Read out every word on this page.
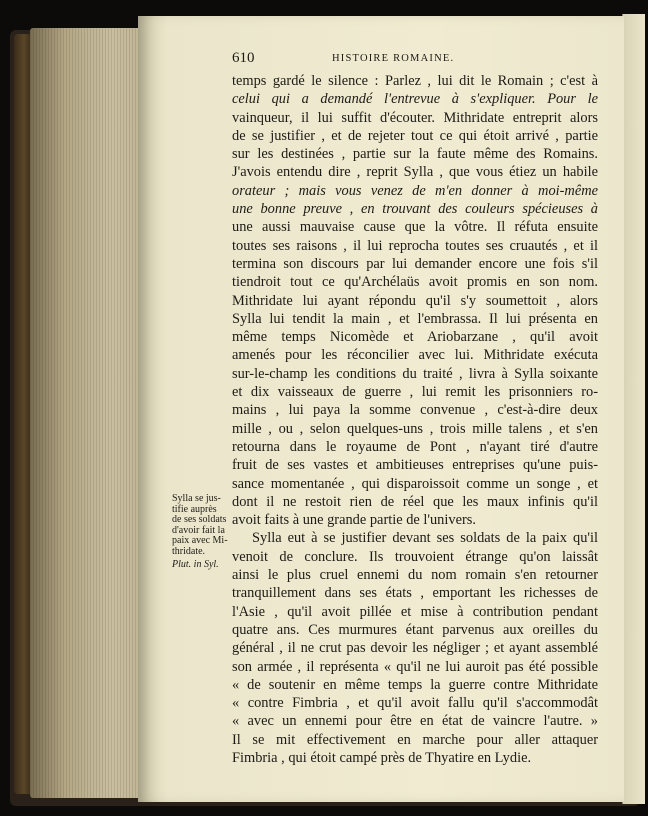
610	HISTOIRE ROMAINE.
temps gardé le silence : Parlez , lui dit le Romain ; c'est à
celui qui a demandé l'entrevue à s'expliquer. Pour le
vainqueur, il lui suffit d'écouter. Mithridate entreprit alors
de se justifier , et de rejeter tout ce qui étoit arrivé , partie
sur les destinées , partie sur la faute même des Romains.
J'avois entendu dire , reprit Sylla , que vous étiez un habile
orateur ; mais vous venez de m'en donner à moi-même
une bonne preuve , en trouvant des couleurs spécieuses à
une aussi mauvaise cause que la vôtre. Il réfuta ensuite
toutes ses raisons , il lui reprocha toutes ses cruautés , et il
termina son discours par lui demander encore une fois s'il
tiendroit tout ce qu'Archélaüs avoit promis en son nom.
Mithridate lui ayant répondu qu'il s'y soumettoit , alors
Sylla lui tendit la main , et l'embrassa. Il lui présenta en
même temps Nicomède et Ariobarzane , qu'il avoit
amenés pour les réconcilier avec lui. Mithridate exécuta
sur-le-champ les conditions du traité , livra à Sylla soixante
et dix vaisseaux de guerre , lui remit les prisonniers ro-
mains , lui paya la somme convenue , c'est-à-dire deux
mille , ou , selon quelques-uns , trois mille talens , et s'en
retourna dans le royaume de Pont , n'ayant tiré d'autre
fruit de ses vastes et ambitieuses entreprises qu'une puis-
sance momentanée , qui disparoissoit comme un songe , et
dont il ne restoit rien de réel que les maux infinis qu'il
avoit faits à une grande partie de l'univers.
Sylla eut à se justifier devant ses soldats de la paix qu'il
venoit de conclure. Ils trouvoient étrange qu'on laissât
ainsi le plus cruel ennemi du nom romain s'en retourner
tranquillement dans ses états , emportant les richesses de
l'Asie , qu'il avoit pillée et mise à contribution pendant
quatre ans. Ces murmures étant parvenus aux oreilles du
général , il ne crut pas devoir les négliger ; et ayant assemblé
son armée , il représenta « qu'il ne lui auroit pas été possible
« de soutenir en même temps la guerre contre Mithridate
« contre Fimbria , et qu'il avoit fallu qu'il s'accommodât
« avec un ennemi pour être en état de vaincre l'autre. »
Il se mit effectivement en marche pour aller attaquer
Fimbria , qui étoit campé près de Thyatire en Lydie.
Sylla se jus-
tifie auprès
de ses soldats
d'avoir fait la
paix avec Mi-
thridate.
Plut. in Syl.
